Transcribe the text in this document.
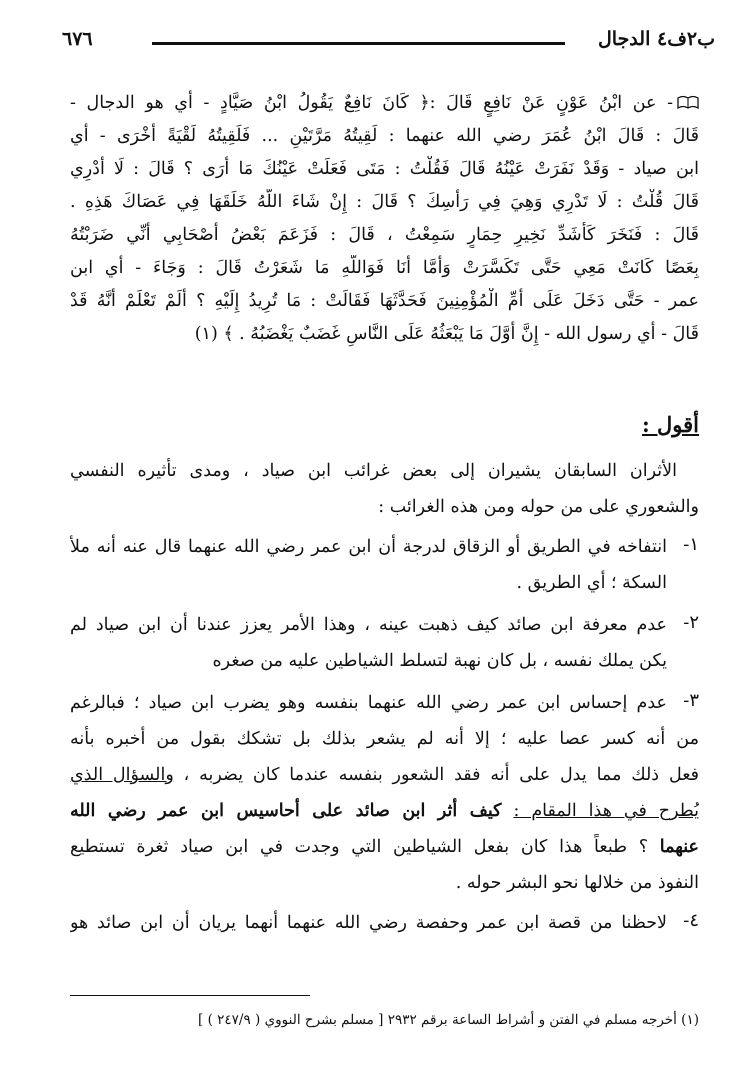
ب٢ف٤ الدجال
٦٧٦
- عن ابْنُ عَوْنٍ عَنْ نَافِعٍ قَالَ :﴿ كَانَ نَافِعٌ يَقُولُ ابْنُ صَيَّادٍ - أي هو الدجال -
قَالَ : قَالَ ابْنُ عُمَرَ رضي الله عنهما : لَقِيتُهُ مَرَّتَيْنِ ... فَلَقِيتُهُ لَقْيَةً أُخْرَى - أي
ابن صياد - وَقَدْ نَفَرَتْ عَيْنُهُ قَالَ فَقُلْتُ : مَتَى فَعَلَتْ عَيْنُكَ مَا أَرَى ؟ قَالَ : لَا أَدْرِي
قَالَ قُلْتُ : لَا تَدْرِي وَهِيَ فِي رَأْسِكَ ؟ قَالَ : إِنْ شَاءَ اللَّهُ خَلَقَهَا فِي عَصَاكَ هَذِهِ .
قَالَ : فَنَخَرَ كَأَشَدِّ نَخِيرِ حِمَارٍ سَمِعْتُ ، قَالَ : فَزَعَمَ بَعْضُ أَصْحَابِي أَنِّي ضَرَبْتُهُ
بِعَصًا كَانَتْ مَعِي حَتَّى تَكَسَّرَتْ وَأَمَّا أَنَا فَوَاللَّهِ مَا شَعَرْتُ قَالَ : وَجَاءَ - أي ابن
عمر - حَتَّى دَخَلَ عَلَى أُمِّ الْمُؤْمِنِينَ فَحَدَّثَهَا فَقَالَتْ : مَا تُرِيدُ إِلَيْهِ ؟ أَلَمْ تَعْلَمْ أَنَّهُ قَدْ
قَالَ - أي رسول الله - إِنَّ أَوَّلَ مَا يَبْعَثُهُ عَلَى النَّاسِ غَضَبٌ يَغْضَبُهُ . ﴾ (١)
أقول :
الأثران السابقان يشيران إلى بعض غرائب ابن صياد ، ومدى تأثيره النفسي
والشعوري على من حوله ومن هذه الغرائب :
١-
انتفاخه في الطريق أو الزقاق لدرجة أن ابن عمر رضي الله عنهما قال عنه أنه ملأ
السكة ؛ أي الطريق .
٢-
عدم معرفة ابن صائد كيف ذهبت عينه ، وهذا الأمر يعزز عندنا أن ابن صياد لم
يكن يملك نفسه ، بل كان نهبة لتسلط الشياطين عليه من صغره
٣-
عدم إحساس ابن عمر رضي الله عنهما بنفسه وهو يضرب ابن صياد ؛ فبالرغم
من أنه كسر عصا عليه ؛ إلا أنه لم يشعر بذلك بل تشكك بقول من أخبره بأنه
فعل ذلك مما يدل على أنه فقد الشعور بنفسه عندما كان يضربه ، والسؤال الذي
يُطرح في هذا المقام : كيف أثر ابن صائد على أحاسيس ابن عمر رضي الله
عنهما ؟ طبعاً هذا كان بفعل الشياطين التي وجدت في ابن صياد ثغرة تستطيع
النفوذ من خلالها نحو البشر حوله .
٤-
لاحظنا من قصة ابن عمر وحفصة رضي الله عنهما أنهما يريان أن ابن صائد هو
(١) أخرجه مسلم في الفتن و أشراط الساعة برقم ٢٩٣٢ [ مسلم بشرح النووي ( ٢٤٧/٩ ) ]
